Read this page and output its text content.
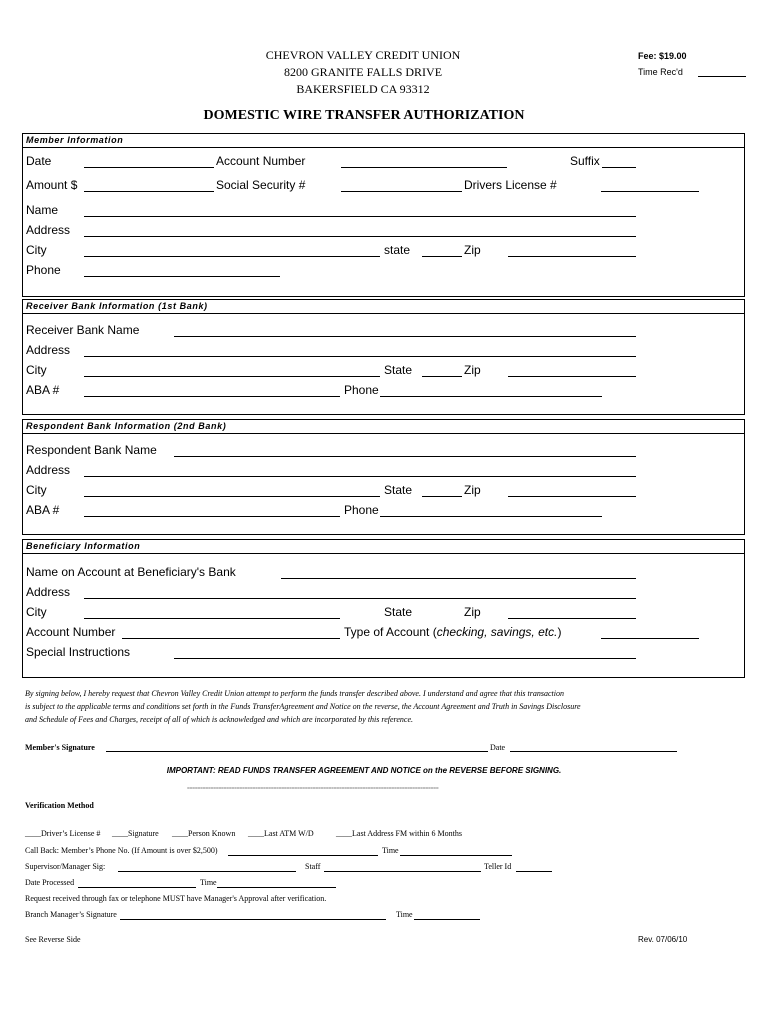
CHEVRON VALLEY CREDIT UNION
8200 GRANITE FALLS DRIVE
BAKERSFIELD CA 93312
Fee: $19.00
Time Rec'd
DOMESTIC WIRE TRANSFER AUTHORIZATION
Member Information
Date	Account Number	Suffix
Amount $	Social Security #	Drivers License #
Name
Address
City	state	Zip
Phone
Receiver Bank Information (1st Bank)
Receiver Bank Name
Address
City	State	Zip
ABA #	Phone
Respondent Bank Information (2nd Bank)
Respondent Bank Name
Address
City	State	Zip
ABA #	Phone
Beneficiary Information
Name on Account at Beneficiary's Bank
Address
City	State	Zip
Account Number	Type of Account (checking, savings, etc.)
Special Instructions
By signing below, I hereby request that Chevron Valley Credit Union attempt to perform the funds transfer described above. I understand and agree that this transaction
is subject to the applicable terms and conditions set forth in the Funds TransferAgreement and Notice on the reverse, the Account Agreement and Truth in Savings Disclosure
and Schedule of Fees and Charges, receipt of all of which is acknowledged and which are incorporated by this reference.
Member's Signature	Date
IMPORTANT: READ FUNDS TRANSFER AGREEMENT AND NOTICE on the REVERSE BEFORE SIGNING.
================================================================================================
Verification Method
____Driver’s License # ____Signature ____Person Known ____Last ATM W/D	____Last Address FM within 6 Months
Call Back: Member’s Phone No. (If Amount is over $2,500)	Time
Supervisor/Manager Sig:	Staff	Teller Id
Date Processed	Time
Request received through fax or telephone MUST have Manager's Approval after verification.
Branch Manager’s Signature	Time
See Reverse Side	Rev. 07/06/10
